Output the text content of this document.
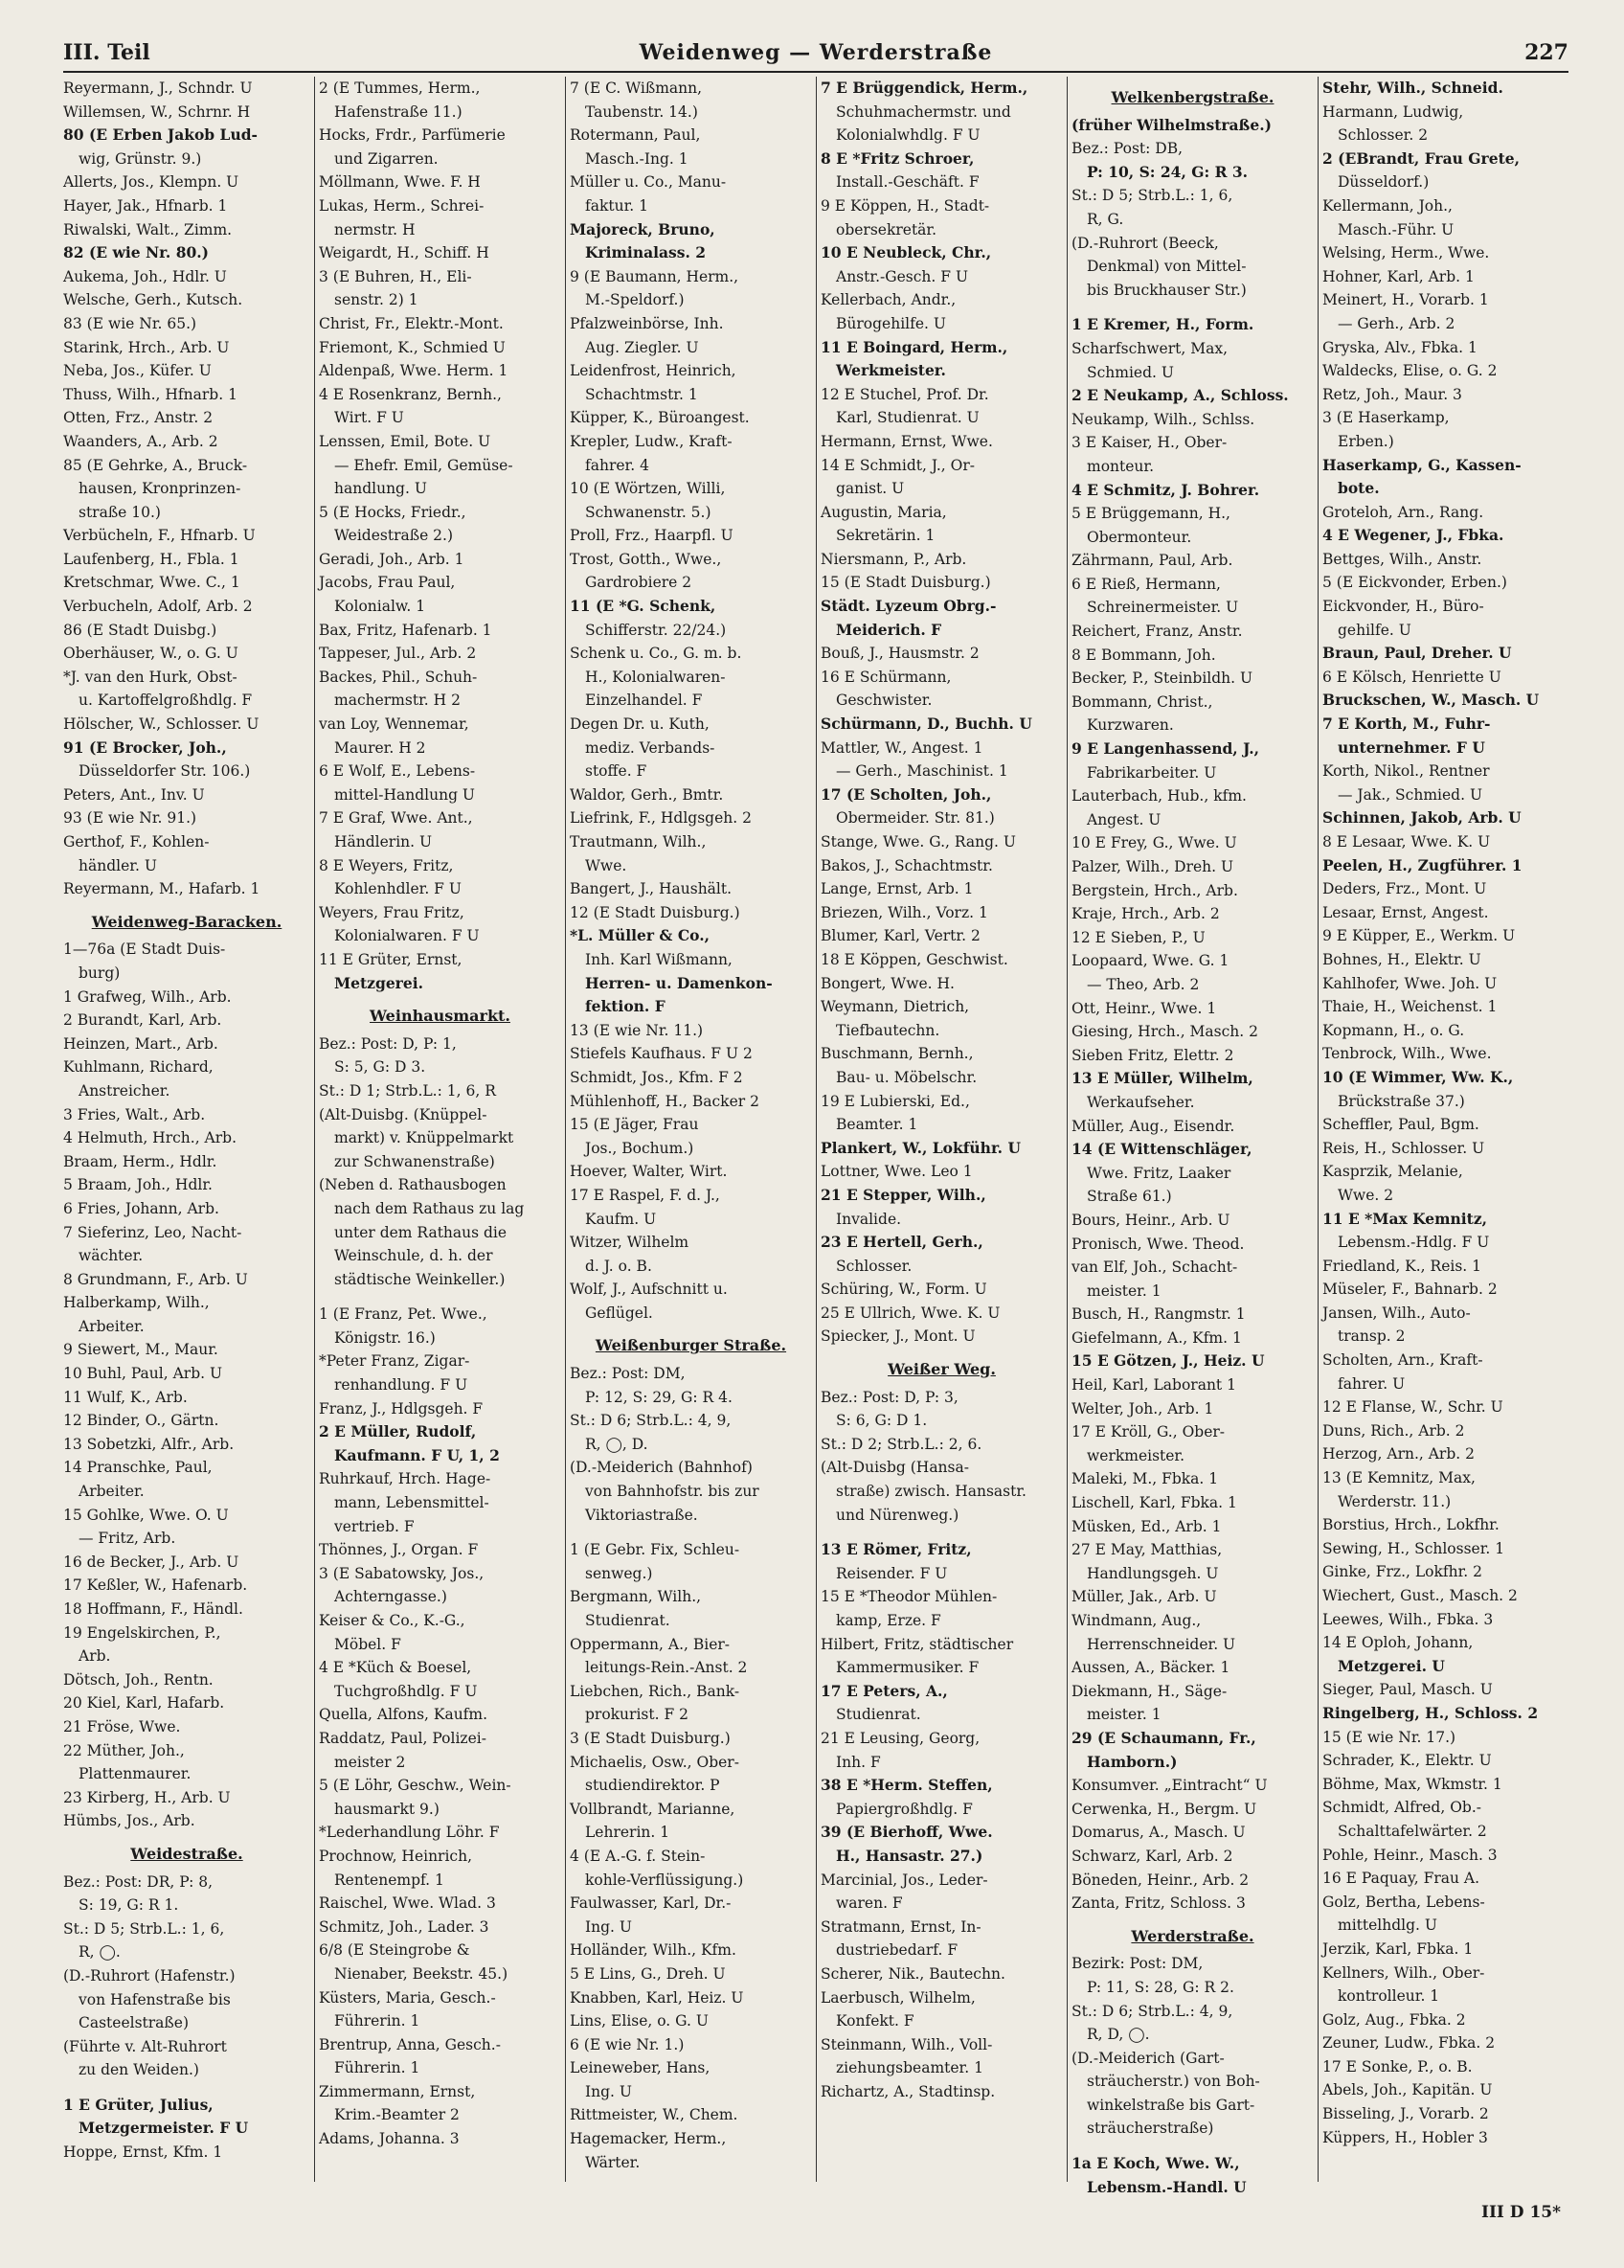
III. Teil	Weidenweg — Werderstraße	227
Reyermann, J., Schndr. U
Willemsen, W., Schrnr. H
80 (E Erben Jakob Lud-
wig, Grünstr. 9.)
Allerts, Jos., Klempn. U
Hayer, Jak., Hfnarb. 1
Riwalski, Walt., Zimm.
82 (E wie Nr. 80.)
Aukema, Joh., Hdlr. U
Welsche, Gerh., Kutsch.
83 (E wie Nr. 65.)
Starink, Hrch., Arb. U
Neba, Jos., Küfer. U
Thuss, Wilh., Hfnarb. 1
Otten, Frz., Anstr. 2
Waanders, A., Arb. 2
85 (E Gehrke, A., Bruck-
hausen, Kronprinzen-
straße 10.)
Verbücheln, F., Hfnarb. U
Laufenberg, H., Fbla. 1
Kretschmar, Wwe. C., 1
Verbucheln, Adolf, Arb. 2
86 (E Stadt Duisbg.)
Oberhäuser, W., o. G. U
*J. van den Hurk, Obst-
u. Kartoffelgroßhdlg. F
Hölscher, W., Schlosser. U
91 (E Brocker, Joh.,
Düsseldorfer Str. 106.)
Peters, Ant., Inv. U
93 (E wie Nr. 91.)
Gerthof, F., Kohlen-
händler. U
Reyermann, M., Hafarb. 1
Weidenweg-Baracken.
1—76a (E Stadt Duis-
burg)
1 Grafweg, Wilh., Arb.
2 Burandt, Karl, Arb.
Heinzen, Mart., Arb.
Kuhlmann, Richard,
Anstreicher.
3 Fries, Walt., Arb.
4 Helmuth, Hrch., Arb.
Braam, Herm., Hdlr.
5 Braam, Joh., Hdlr.
6 Fries, Johann, Arb.
7 Sieferinz, Leo, Nacht-
wächter.
8 Grundmann, F., Arb. U
Halberkamp, Wilh.,
Arbeiter.
9 Siewert, M., Maur.
10 Buhl, Paul, Arb. U
11 Wulf, K., Arb.
12 Binder, O., Gärtn.
13 Sobetzki, Alfr., Arb.
14 Pranschke, Paul,
Arbeiter.
15 Gohlke, Wwe. O. U
— Fritz, Arb.
16 de Becker, J., Arb. U
17 Keßler, W., Hafenarb.
18 Hoffmann, F., Händl.
19 Engelskirchen, P.,
Arb.
Dötsch, Joh., Rentn.
20 Kiel, Karl, Hafarb.
21 Fröse, Wwe.
22 Müther, Joh.,
Plattenmaurer.
23 Kirberg, H., Arb. U
Hümbs, Jos., Arb.
Weidestraße.
Bez.: Post: DR, P: 8,
S: 19, G: R 1.
St.: D 5; Strb.L.: 1, 6,
R, ◯.
(D.-Ruhrort (Hafenstr.)
von Hafenstraße bis
Casteelstraße)
(Führte v. Alt-Ruhrort
zu den Weiden.)
1 E Grüter, Julius,
Metzgermeister. F U
Hoppe, Ernst, Kfm. 1
2 (E Tummes, Herm.,
Hafenstraße 11.)
Hocks, Frdr., Parfümerie
und Zigarren.
Möllmann, Wwe. F. H
Lukas, Herm., Schrei-
nermstr. H
Weigardt, H., Schiff. H
3 (E Buhren, H., Eli-
senstr. 2) 1
Christ, Fr., Elektr.-Mont.
Friemont, K., Schmied U
Aldenpaß, Wwe. Herm. 1
4 E Rosenkranz, Bernh.,
Wirt. F U
Lenssen, Emil, Bote. U
— Ehefr. Emil, Gemüse-
handlung. U
5 (E Hocks, Friedr.,
Weidestraße 2.)
Geradi, Joh., Arb. 1
Jacobs, Frau Paul,
Kolonialw. 1
Bax, Fritz, Hafenarb. 1
Tappeser, Jul., Arb. 2
Backes, Phil., Schuh-
machermstr. H 2
van Loy, Wennemar,
Maurer. H 2
6 E Wolf, E., Lebens-
mittel-Handlung U
7 E Graf, Wwe. Ant.,
Händlerin. U
8 E Weyers, Fritz,
Kohlenhdler. F U
Weyers, Frau Fritz,
Kolonialwaren. F U
11 E Grüter, Ernst,
Metzgerei.
Weinhausmarkt.
Bez.: Post: D, P: 1,
S: 5, G: D 3.
St.: D 1; Strb.L.: 1, 6, R
(Alt-Duisbg. (Knüppel-
markt) v. Knüppelmarkt
zur Schwanenstraße)
(Neben d. Rathausbogen
nach dem Rathaus zu lag
unter dem Rathaus die
Weinschule, d. h. der
städtische Weinkeller.)
1 (E Franz, Pet. Wwe.,
Königstr. 16.)
*Peter Franz, Zigar-
renhandlung. F U
Franz, J., Hdlgsgeh. F
2 E Müller, Rudolf,
Kaufmann. F U, 1, 2
Ruhrkauf, Hrch. Hage-
mann, Lebensmittel-
vertrieb. F
Thönnes, J., Organ. F
3 (E Sabatowsky, Jos.,
Achterngasse.)
Keiser & Co., K.-G.,
Möbel. F
4 E *Küch & Boesel,
Tuchgroßhdlg. F U
Quella, Alfons, Kaufm.
Raddatz, Paul, Polizei-
meister 2
5 (E Löhr, Geschw., Wein-
hausmarkt 9.)
*Lederhandlung Löhr. F
Prochnow, Heinrich,
Rentenempf. 1
Raischel, Wwe. Wlad. 3
Schmitz, Joh., Lader. 3
6/8 (E Steingrobe &
Nienaber, Beekstr. 45.)
Küsters, Maria, Gesch.-
Führerin. 1
Brentrup, Anna, Gesch.-
Führerin. 1
Zimmermann, Ernst,
Krim.-Beamter 2
Adams, Johanna. 3
7 (E C. Wißmann,
Taubenstr. 14.)
Rotermann, Paul,
Masch.-Ing. 1
Müller u. Co., Manu-
faktur. 1
Majoreck, Bruno,
Kriminalass. 2
9 (E Baumann, Herm.,
M.-Speldorf.)
Pfalzweinbörse, Inh.
Aug. Ziegler. U
Leidenfrost, Heinrich,
Schachtmstr. 1
Küpper, K., Büroangest.
Krepler, Ludw., Kraft-
fahrer. 4
10 (E Wörtzen, Willi,
Schwanenstr. 5.)
Proll, Frz., Haarpfl. U
Trost, Gotth., Wwe.,
Gardrobiere 2
11 (E *G. Schenk,
Schifferstr. 22/24.)
Schenk u. Co., G. m. b.
H., Kolonialwaren-
Einzelhandel. F
Degen Dr. u. Kuth,
mediz. Verbands-
stoffe. F
Waldor, Gerh., Bmtr.
Liefrink, F., Hdlgsgeh. 2
Trautmann, Wilh.,
Wwe.
Bangert, J., Haushält.
12 (E Stadt Duisburg.)
*L. Müller & Co.,
Inh. Karl Wißmann,
Herren- u. Damenkon-
fektion. F
13 (E wie Nr. 11.)
Stiefels Kaufhaus. F U 2
Schmidt, Jos., Kfm. F 2
Mühlenhoff, H., Backer 2
15 (E Jäger, Frau
Jos., Bochum.)
Hoever, Walter, Wirt.
17 E Raspel, F. d. J.,
Kaufm. U
Witzer, Wilhelm
d. J. o. B.
Wolf, J., Aufschnitt u.
Geflügel.
Weißenburger Straße.
Bez.: Post: DM,
P: 12, S: 29, G: R 4.
St.: D 6; Strb.L.: 4, 9,
R, ◯, D.
(D.-Meiderich (Bahnhof)
von Bahnhofstr. bis zur
Viktoriastraße.
1 (E Gebr. Fix, Schleu-
senweg.)
Bergmann, Wilh.,
Studienrat.
Oppermann, A., Bier-
leitungs-Rein.-Anst. 2
Liebchen, Rich., Bank-
prokurist. F 2
3 (E Stadt Duisburg.)
Michaelis, Osw., Ober-
studiendirektor. P
Vollbrandt, Marianne,
Lehrerin. 1
4 (E A.-G. f. Stein-
kohle-Verflüssigung.)
Faulwasser, Karl, Dr.-
Ing. U
Holländer, Wilh., Kfm.
5 E Lins, G., Dreh. U
Knabben, Karl, Heiz. U
Lins, Elise, o. G. U
6 (E wie Nr. 1.)
Leineweber, Hans,
Ing. U
Rittmeister, W., Chem.
Hagemacker, Herm.,
Wärter.
7 E Brüggendick, Herm.,
Schuhmachermstr. und
Kolonialwhdlg. F U
8 E *Fritz Schroer,
Install.-Geschäft. F
9 E Köppen, H., Stadt-
obersekretär.
10 E Neubleck, Chr.,
Anstr.-Gesch. F U
Kellerbach, Andr.,
Bürogehilfe. U
11 E Boingard, Herm.,
Werkmeister.
12 E Stuchel, Prof. Dr.
Karl, Studienrat. U
Hermann, Ernst, Wwe.
14 E Schmidt, J., Or-
ganist. U
Augustin, Maria,
Sekretärin. 1
Niersmann, P., Arb.
15 (E Stadt Duisburg.)
Städt. Lyzeum Obrg.-
Meiderich. F
Bouß, J., Hausmstr. 2
16 E Schürmann,
Geschwister.
Schürmann, D., Buchh. U
Mattler, W., Angest. 1
— Gerh., Maschinist. 1
17 (E Scholten, Joh.,
Obermeider. Str. 81.)
Stange, Wwe. G., Rang. U
Bakos, J., Schachtmstr.
Lange, Ernst, Arb. 1
Briezen, Wilh., Vorz. 1
Blumer, Karl, Vertr. 2
18 E Köppen, Geschwist.
Bongert, Wwe. H.
Weymann, Dietrich,
Tiefbautechn.
Buschmann, Bernh.,
Bau- u. Möbelschr.
19 E Lubierski, Ed.,
Beamter. 1
Plankert, W., Lokführ. U
Lottner, Wwe. Leo 1
21 E Stepper, Wilh.,
Invalide.
23 E Hertell, Gerh.,
Schlosser.
Schüring, W., Form. U
25 E Ullrich, Wwe. K. U
Spiecker, J., Mont. U
Weißer Weg.
Bez.: Post: D, P: 3,
S: 6, G: D 1.
St.: D 2; Strb.L.: 2, 6.
(Alt-Duisbg (Hansa-
straße) zwisch. Hansastr.
und Nürenweg.)
13 E Römer, Fritz,
Reisender. F U
15 E *Theodor Mühlen-
kamp, Erze. F
Hilbert, Fritz, städtischer
Kammermusiker. F
17 E Peters, A.,
Studienrat.
21 E Leusing, Georg,
Inh. F
38 E *Herm. Steffen,
Papiergroßhdlg. F
39 (E Bierhoff, Wwe.
H., Hansastr. 27.)
Marcinial, Jos., Leder-
waren. F
Stratmann, Ernst, In-
dustriebedarf. F
Scherer, Nik., Bautechn.
Laerbusch, Wilhelm,
Konfekt. F
Steinmann, Wilh., Voll-
ziehungsbeamter. 1
Richartz, A., Stadtinsp.
Welkenbergstraße.
(früher Wilhelmstraße.)
Bez.: Post: DB,
P: 10, S: 24, G: R 3.
St.: D 5; Strb.L.: 1, 6,
R, G.
(D.-Ruhrort (Beeck,
Denkmal) von Mittel-
bis Bruckhauser Str.)
1 E Kremer, H., Form.
Scharfschwert, Max,
Schmied. U
2 E Neukamp, A., Schloss.
Neukamp, Wilh., Schlss.
3 E Kaiser, H., Ober-
monteur.
4 E Schmitz, J. Bohrer.
5 E Brüggemann, H.,
Obermonteur.
Zährmann, Paul, Arb.
6 E Rieß, Hermann,
Schreinermeister. U
Reichert, Franz, Anstr.
8 E Bommann, Joh.
Becker, P., Steinbildh. U
Bommann, Christ.,
Kurzwaren.
9 E Langenhassend, J.,
Fabrikarbeiter. U
Lauterbach, Hub., kfm.
Angest. U
10 E Frey, G., Wwe. U
Palzer, Wilh., Dreh. U
Bergstein, Hrch., Arb.
Kraje, Hrch., Arb. 2
12 E Sieben, P., U
Loopaard, Wwe. G. 1
— Theo, Arb. 2
Ott, Heinr., Wwe. 1
Giesing, Hrch., Masch. 2
Sieben Fritz, Elettr. 2
13 E Müller, Wilhelm,
Werkaufseher.
Müller, Aug., Eisendr.
14 (E Wittenschläger,
Wwe. Fritz, Laaker
Straße 61.)
Bours, Heinr., Arb. U
Pronisch, Wwe. Theod.
van Elf, Joh., Schacht-
meister. 1
Busch, H., Rangmstr. 1
Giefelmann, A., Kfm. 1
15 E Götzen, J., Heiz. U
Heil, Karl, Laborant 1
Welter, Joh., Arb. 1
17 E Kröll, G., Ober-
werkmeister.
Maleki, M., Fbka. 1
Lischell, Karl, Fbka. 1
Müsken, Ed., Arb. 1
27 E May, Matthias,
Handlungsgeh. U
Müller, Jak., Arb. U
Windmann, Aug.,
Herrenschneider. U
Aussen, A., Bäcker. 1
Diekmann, H., Säge-
meister. 1
29 (E Schaumann, Fr.,
Hamborn.)
Konsumver. „Eintracht“ U
Cerwenka, H., Bergm. U
Domarus, A., Masch. U
Schwarz, Karl, Arb. 2
Böneden, Heinr., Arb. 2
Zanta, Fritz, Schloss. 3
Werderstraße.
Bezirk: Post: DM,
P: 11, S: 28, G: R 2.
St.: D 6; Strb.L.: 4, 9,
R, D, ◯.
(D.-Meiderich (Gart-
sträucherstr.) von Boh-
winkelstraße bis Gart-
sträucherstraße)
1a E Koch, Wwe. W.,
Lebensm.-Handl. U
Stehr, Wilh., Schneid.
Harmann, Ludwig,
Schlosser. 2
2 (EBrandt, Frau Grete,
Düsseldorf.)
Kellermann, Joh.,
Masch.-Führ. U
Welsing, Herm., Wwe.
Hohner, Karl, Arb. 1
Meinert, H., Vorarb. 1
— Gerh., Arb. 2
Gryska, Alv., Fbka. 1
Waldecks, Elise, o. G. 2
Retz, Joh., Maur. 3
3 (E Haserkamp,
Erben.)
Haserkamp, G., Kassen-
bote.
Groteloh, Arn., Rang.
4 E Wegener, J., Fbka.
Bettges, Wilh., Anstr.
5 (E Eickvonder, Erben.)
Eickvonder, H., Büro-
gehilfe. U
Braun, Paul, Dreher. U
6 E Kölsch, Henriette U
Bruckschen, W., Masch. U
7 E Korth, M., Fuhr-
unternehmer. F U
Korth, Nikol., Rentner
— Jak., Schmied. U
Schinnen, Jakob, Arb. U
8 E Lesaar, Wwe. K. U
Peelen, H., Zugführer. 1
Deders, Frz., Mont. U
Lesaar, Ernst, Angest.
9 E Küpper, E., Werkm. U
Bohnes, H., Elektr. U
Kahlhofer, Wwe. Joh. U
Thaie, H., Weichenst. 1
Kopmann, H., o. G.
Tenbrock, Wilh., Wwe.
10 (E Wimmer, Ww. K.,
Brückstraße 37.)
Scheffler, Paul, Bgm.
Reis, H., Schlosser. U
Kasprzik, Melanie,
Wwe. 2
11 E *Max Kemnitz,
Lebensm.-Hdlg. F U
Friedland, K., Reis. 1
Müseler, F., Bahnarb. 2
Jansen, Wilh., Auto-
transp. 2
Scholten, Arn., Kraft-
fahrer. U
12 E Flanse, W., Schr. U
Duns, Rich., Arb. 2
Herzog, Arn., Arb. 2
13 (E Kemnitz, Max,
Werderstr. 11.)
Borstius, Hrch., Lokfhr.
Sewing, H., Schlosser. 1
Ginke, Frz., Lokfhr. 2
Wiechert, Gust., Masch. 2
Leewes, Wilh., Fbka. 3
14 E Oploh, Johann,
Metzgerei. U
Sieger, Paul, Masch. U
Ringelberg, H., Schloss. 2
15 (E wie Nr. 17.)
Schrader, K., Elektr. U
Böhme, Max, Wkmstr. 1
Schmidt, Alfred, Ob.-
Schalttafelwärter. 2
Pohle, Heinr., Masch. 3
16 E Paquay, Frau A.
Golz, Bertha, Lebens-
mittelhdlg. U
Jerzik, Karl, Fbka. 1
Kellners, Wilh., Ober-
kontrolleur. 1
Golz, Aug., Fbka. 2
Zeuner, Ludw., Fbka. 2
17 E Sonke, P., o. B.
Abels, Joh., Kapitän. U
Bisseling, J., Vorarb. 2
Küppers, H., Hobler 3
III D 15*
